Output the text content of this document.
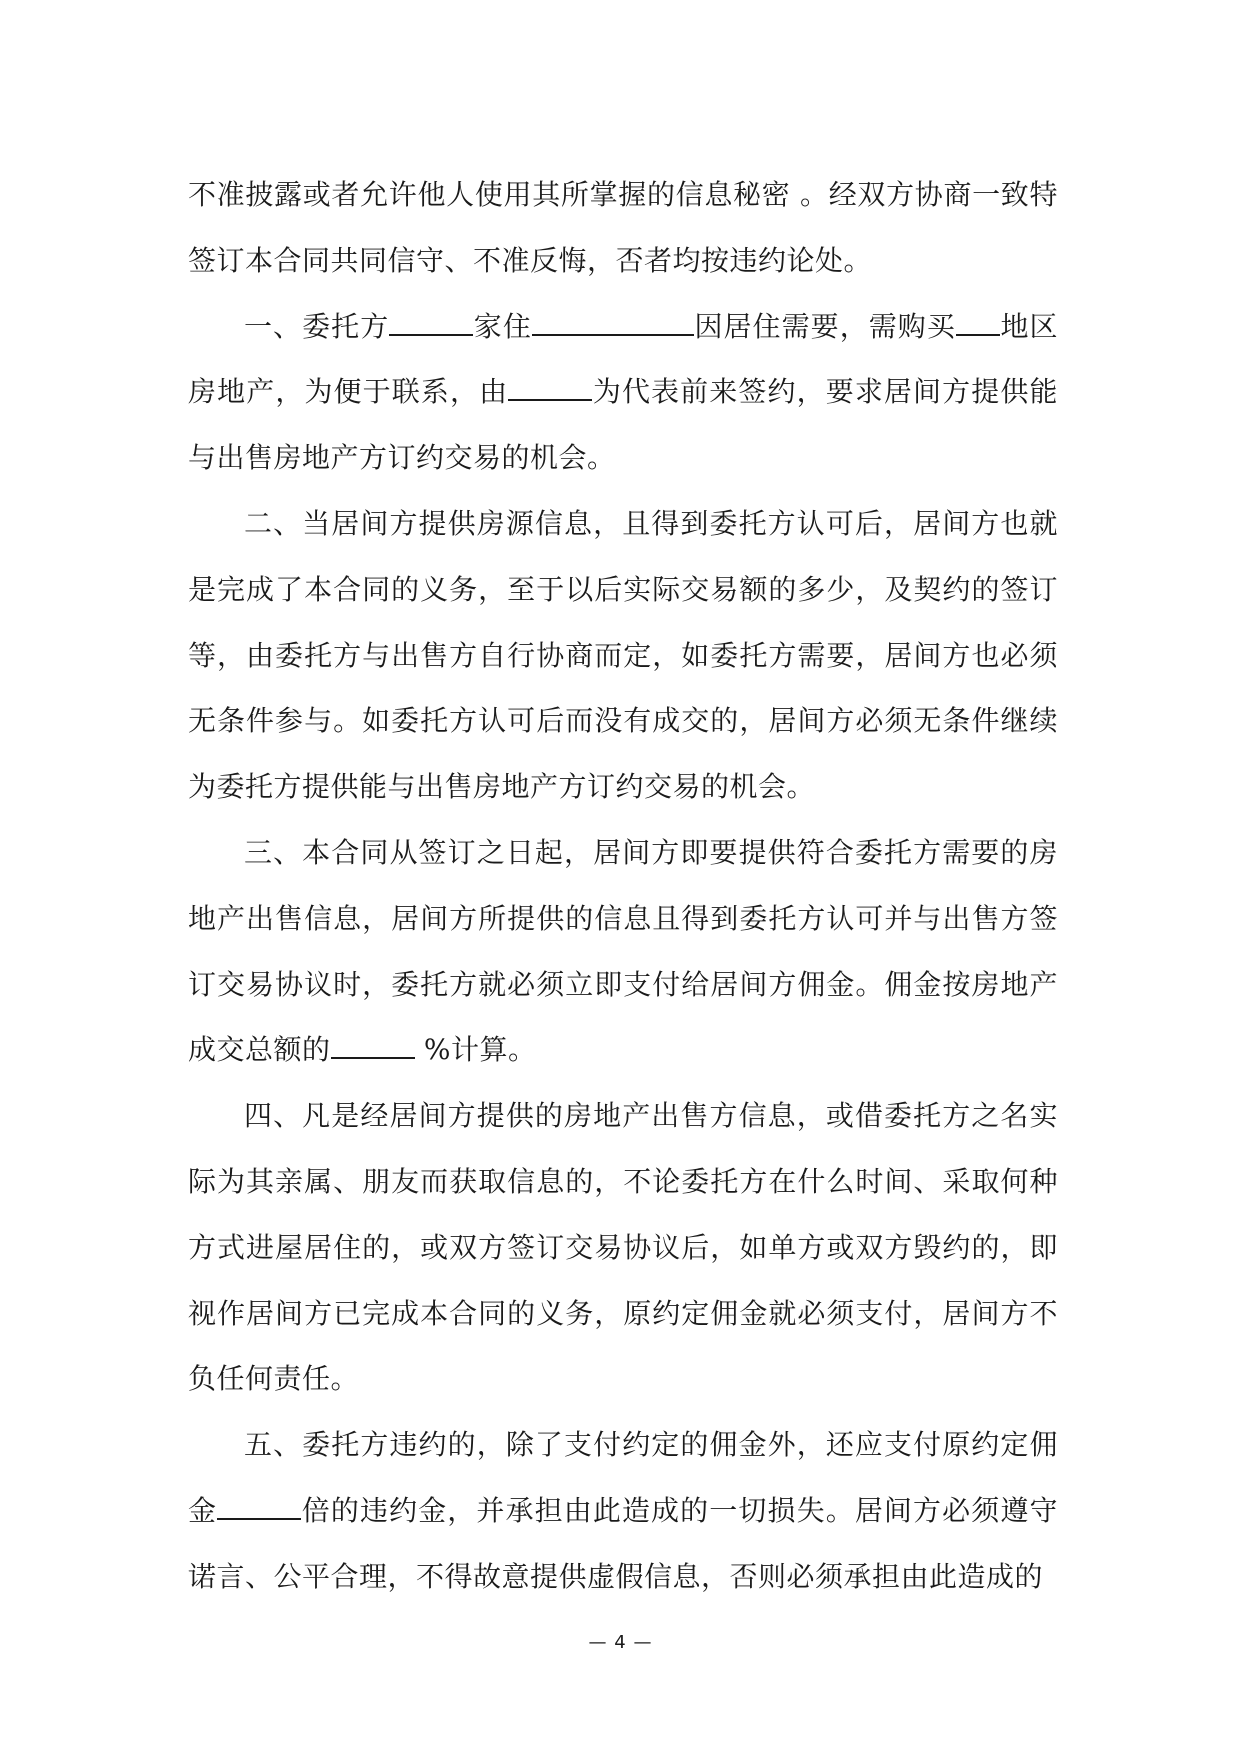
不准披露或者允许他人使用其所掌握的信息秘密 。经双方协商一致特签订本合同共同信守、不准反悔，否者均按违约论处。

一、委托方	家住	因居住需要，需购买 地区房地产，为便于联系，由	为代表前来签约，要求居间方提供能与出售房地产方订约交易的机会。

二、当居间方提供房源信息，且得到委托方认可后，居间方也就是完成了本合同的义务，至于以后实际交易额的多少，及契约的签订等，由委托方与出售方自行协商而定，如委托方需要，居间方也必须无条件参与。如委托方认可后而没有成交的，居间方必须无条件继续为委托方提供能与出售房地产方订约交易的机会。

三、本合同从签订之日起，居间方即要提供符合委托方需要的房地产出售信息，居间方所提供的信息且得到委托方认可并与出售方签订交易协议时，委托方就必须立即支付给居间方佣金。佣金按房地产成交总额的	%计算。

四、凡是经居间方提供的房地产出售方信息，或借委托方之名实际为其亲属、朋友而获取信息的，不论委托方在什么时间、采取何种方式进屋居住的，或双方签订交易协议后，如单方或双方毁约的，即视作居间方已完成本合同的义务，原约定佣金就必须支付，居间方不负任何责任。

五、委托方违约的，除了支付约定的佣金外，还应支付原约定佣金	倍的违约金，并承担由此造成的一切损失。居间方必须遵守诺言、公平合理，不得故意提供虚假信息，否则必须承担由此造成的

— 4 —
